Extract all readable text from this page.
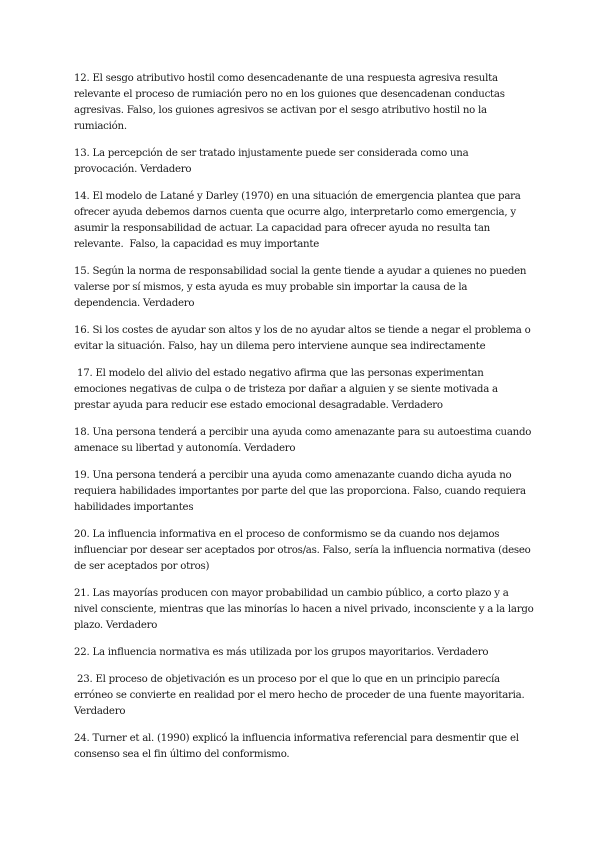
12. El sesgo atributivo hostil como desencadenante de una respuesta agresiva resulta relevante el proceso de rumiación pero no en los guiones que desencadenan conductas agresivas. Falso, los guiones agresivos se activan por el sesgo atributivo hostil no la rumiación.

13. La percepción de ser tratado injustamente puede ser considerada como una provocación. Verdadero

14. El modelo de Latané y Darley (1970) en una situación de emergencia plantea que para ofrecer ayuda debemos darnos cuenta que ocurre algo, interpretarlo como emergencia, y asumir la responsabilidad de actuar. La capacidad para ofrecer ayuda no resulta tan relevante.  Falso, la capacidad es muy importante

15. Según la norma de responsabilidad social la gente tiende a ayudar a quienes no pueden valerse por sí mismos, y esta ayuda es muy probable sin importar la causa de la dependencia. Verdadero

16. Si los costes de ayudar son altos y los de no ayudar altos se tiende a negar el problema o evitar la situación. Falso, hay un dilema pero interviene aunque sea indirectamente

17. El modelo del alivio del estado negativo afirma que las personas experimentan emociones negativas de culpa o de tristeza por dañar a alguien y se siente motivada a prestar ayuda para reducir ese estado emocional desagradable. Verdadero

18. Una persona tenderá a percibir una ayuda como amenazante para su autoestima cuando amenace su libertad y autonomía. Verdadero

19. Una persona tenderá a percibir una ayuda como amenazante cuando dicha ayuda no requiera habilidades importantes por parte del que las proporciona. Falso, cuando requiera habilidades importantes

20. La influencia informativa en el proceso de conformismo se da cuando nos dejamos influenciar por desear ser aceptados por otros/as. Falso, sería la influencia normativa (deseo de ser aceptados por otros)

21. Las mayorías producen con mayor probabilidad un cambio público, a corto plazo y a nivel consciente, mientras que las minorías lo hacen a nivel privado, inconsciente y a la largo plazo. Verdadero

22. La influencia normativa es más utilizada por los grupos mayoritarios. Verdadero

23. El proceso de objetivación es un proceso por el que lo que en un principio parecía erróneo se convierte en realidad por el mero hecho de proceder de una fuente mayoritaria. Verdadero

24. Turner et al. (1990) explicó la influencia informativa referencial para desmentir que el consenso sea el fin último del conformismo.
